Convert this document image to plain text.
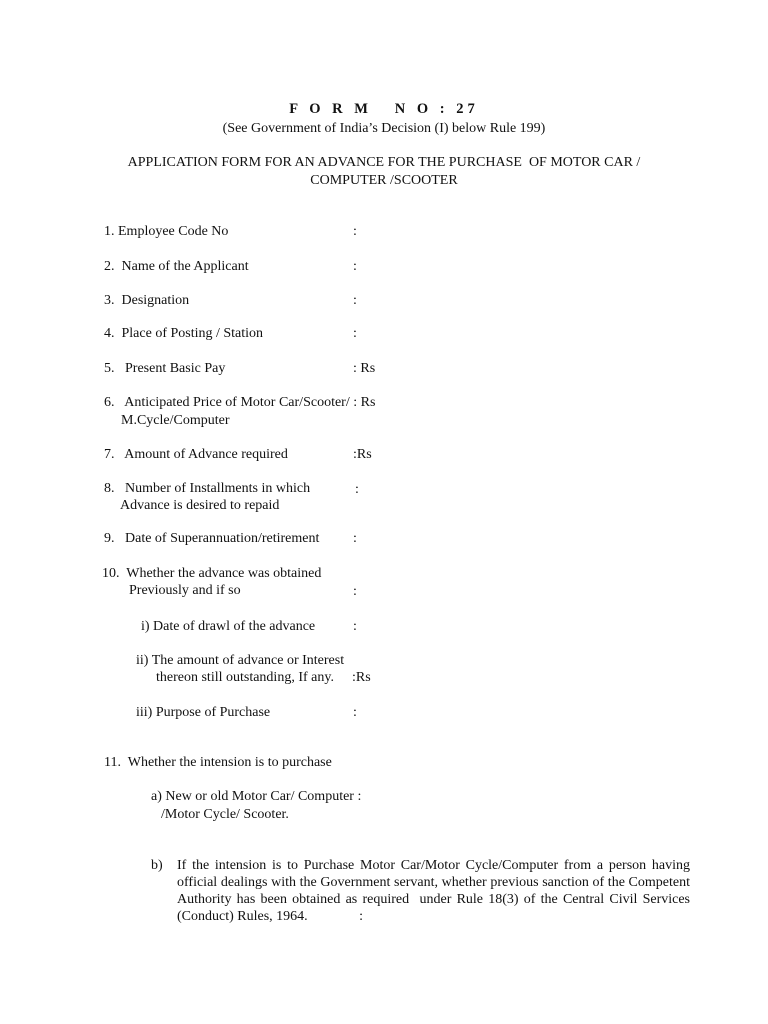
F O R M   N O : 27
(See Government of India’s Decision (I) below Rule 199)
APPLICATION FORM FOR AN ADVANCE FOR THE PURCHASE  OF MOTOR CAR /
COMPUTER /SCOOTER
1. Employee Code No	:
2.  Name of the Applicant	:
3.  Designation	:
4.  Place of Posting / Station	:
5.   Present Basic Pay	: Rs
6.   Anticipated Price of Motor Car/Scooter/ : Rs
M.Cycle/Computer
7.   Amount of Advance required	:Rs
8.   Number of Installments in which
Advance is desired to repaid
:
9.   Date of Superannuation/retirement :
10.  Whether the advance was obtained
Previously and if so	:
i) Date of drawl of the advance	:
ii) The amount of advance or Interest
thereon still outstanding, If any. :Rs
iii) Purpose of Purchase	:
11.  Whether the intension is to purchase
a) New or old Motor Car/ Computer :
/Motor Cycle/ Scooter.
b) If the intension is to Purchase Motor Car/Motor Cycle/Computer from a person having official dealings with the Government servant, whether previous sanction of the Competent Authority has been obtained as required  under Rule 18(3) of the Central Civil Services (Conduct) Rules, 1964.	:
